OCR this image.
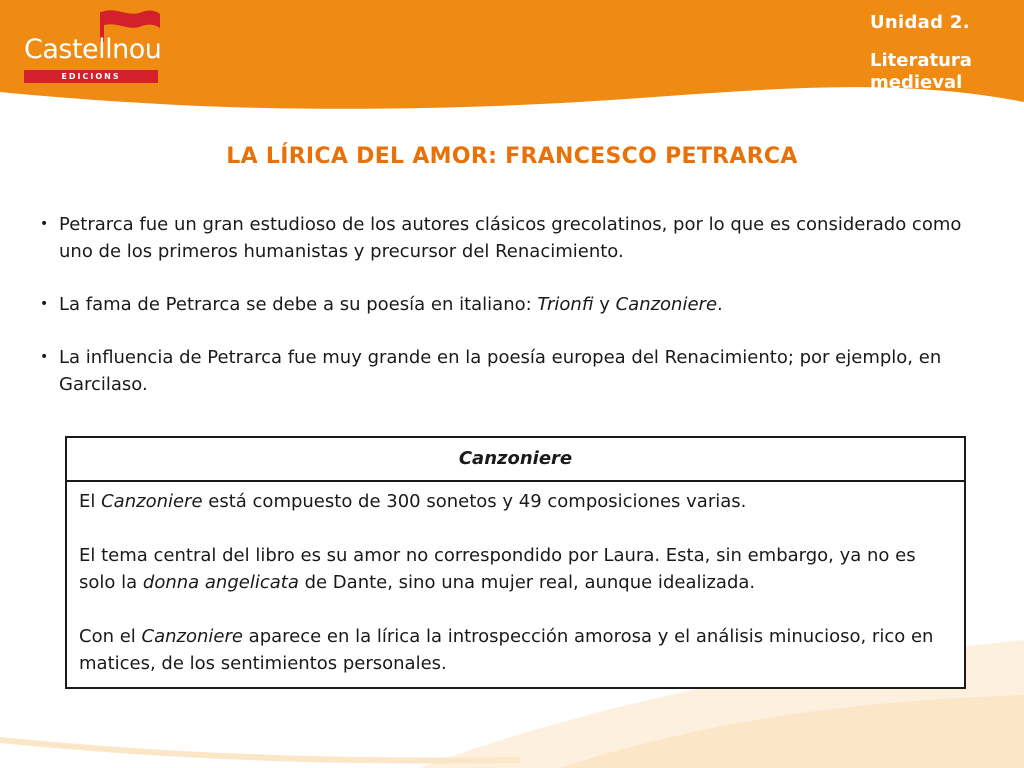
Castellnou
EDICIONS
Unidad 2.
Literatura medieval
LA LÍRICA DEL AMOR: FRANCESCO PETRARCA
• Petrarca fue un gran estudioso de los autores clásicos grecolatinos, por lo que es considerado como uno de los primeros humanistas y precursor del Renacimiento.
• La fama de Petrarca se debe a su poesía en italiano: Trionfi y Canzoniere.
• La influencia de Petrarca fue muy grande en la poesía europea del Renacimiento; por ejemplo, en Garcilaso.
Canzoniere

El Canzoniere está compuesto de 300 sonetos y 49 composiciones varias.

El tema central del libro es su amor no correspondido por Laura. Esta, sin embargo, ya no es solo la donna angelicata de Dante, sino una mujer real, aunque idealizada.

Con el Canzoniere aparece en la lírica la introspección amorosa y el análisis minucioso, rico en matices, de los sentimientos personales.
